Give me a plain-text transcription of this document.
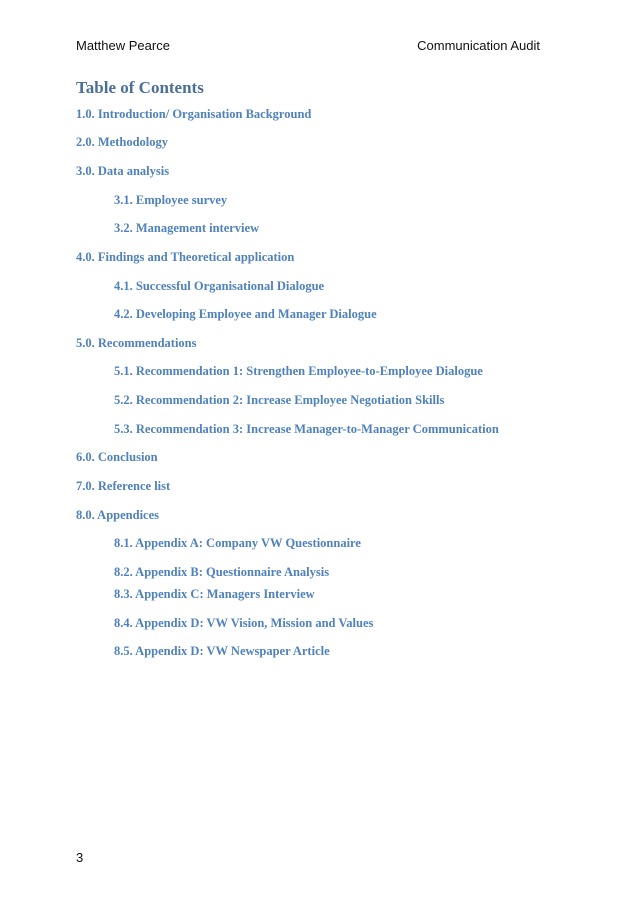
Matthew Pearce	Communication Audit
Table of Contents
1.0. Introduction/ Organisation Background
2.0. Methodology
3.0. Data analysis
3.1. Employee survey
3.2. Management interview
4.0. Findings and Theoretical application
4.1. Successful Organisational Dialogue
4.2. Developing Employee and Manager Dialogue
5.0. Recommendations
5.1. Recommendation 1: Strengthen Employee-to-Employee Dialogue
5.2. Recommendation 2: Increase Employee Negotiation Skills
5.3. Recommendation 3: Increase Manager-to-Manager Communication
6.0. Conclusion
7.0. Reference list
8.0. Appendices
8.1. Appendix A: Company VW Questionnaire
8.2. Appendix B: Questionnaire Analysis
8.3. Appendix C: Managers Interview
8.4. Appendix D: VW Vision, Mission and Values
8.5. Appendix D: VW Newspaper Article
3
